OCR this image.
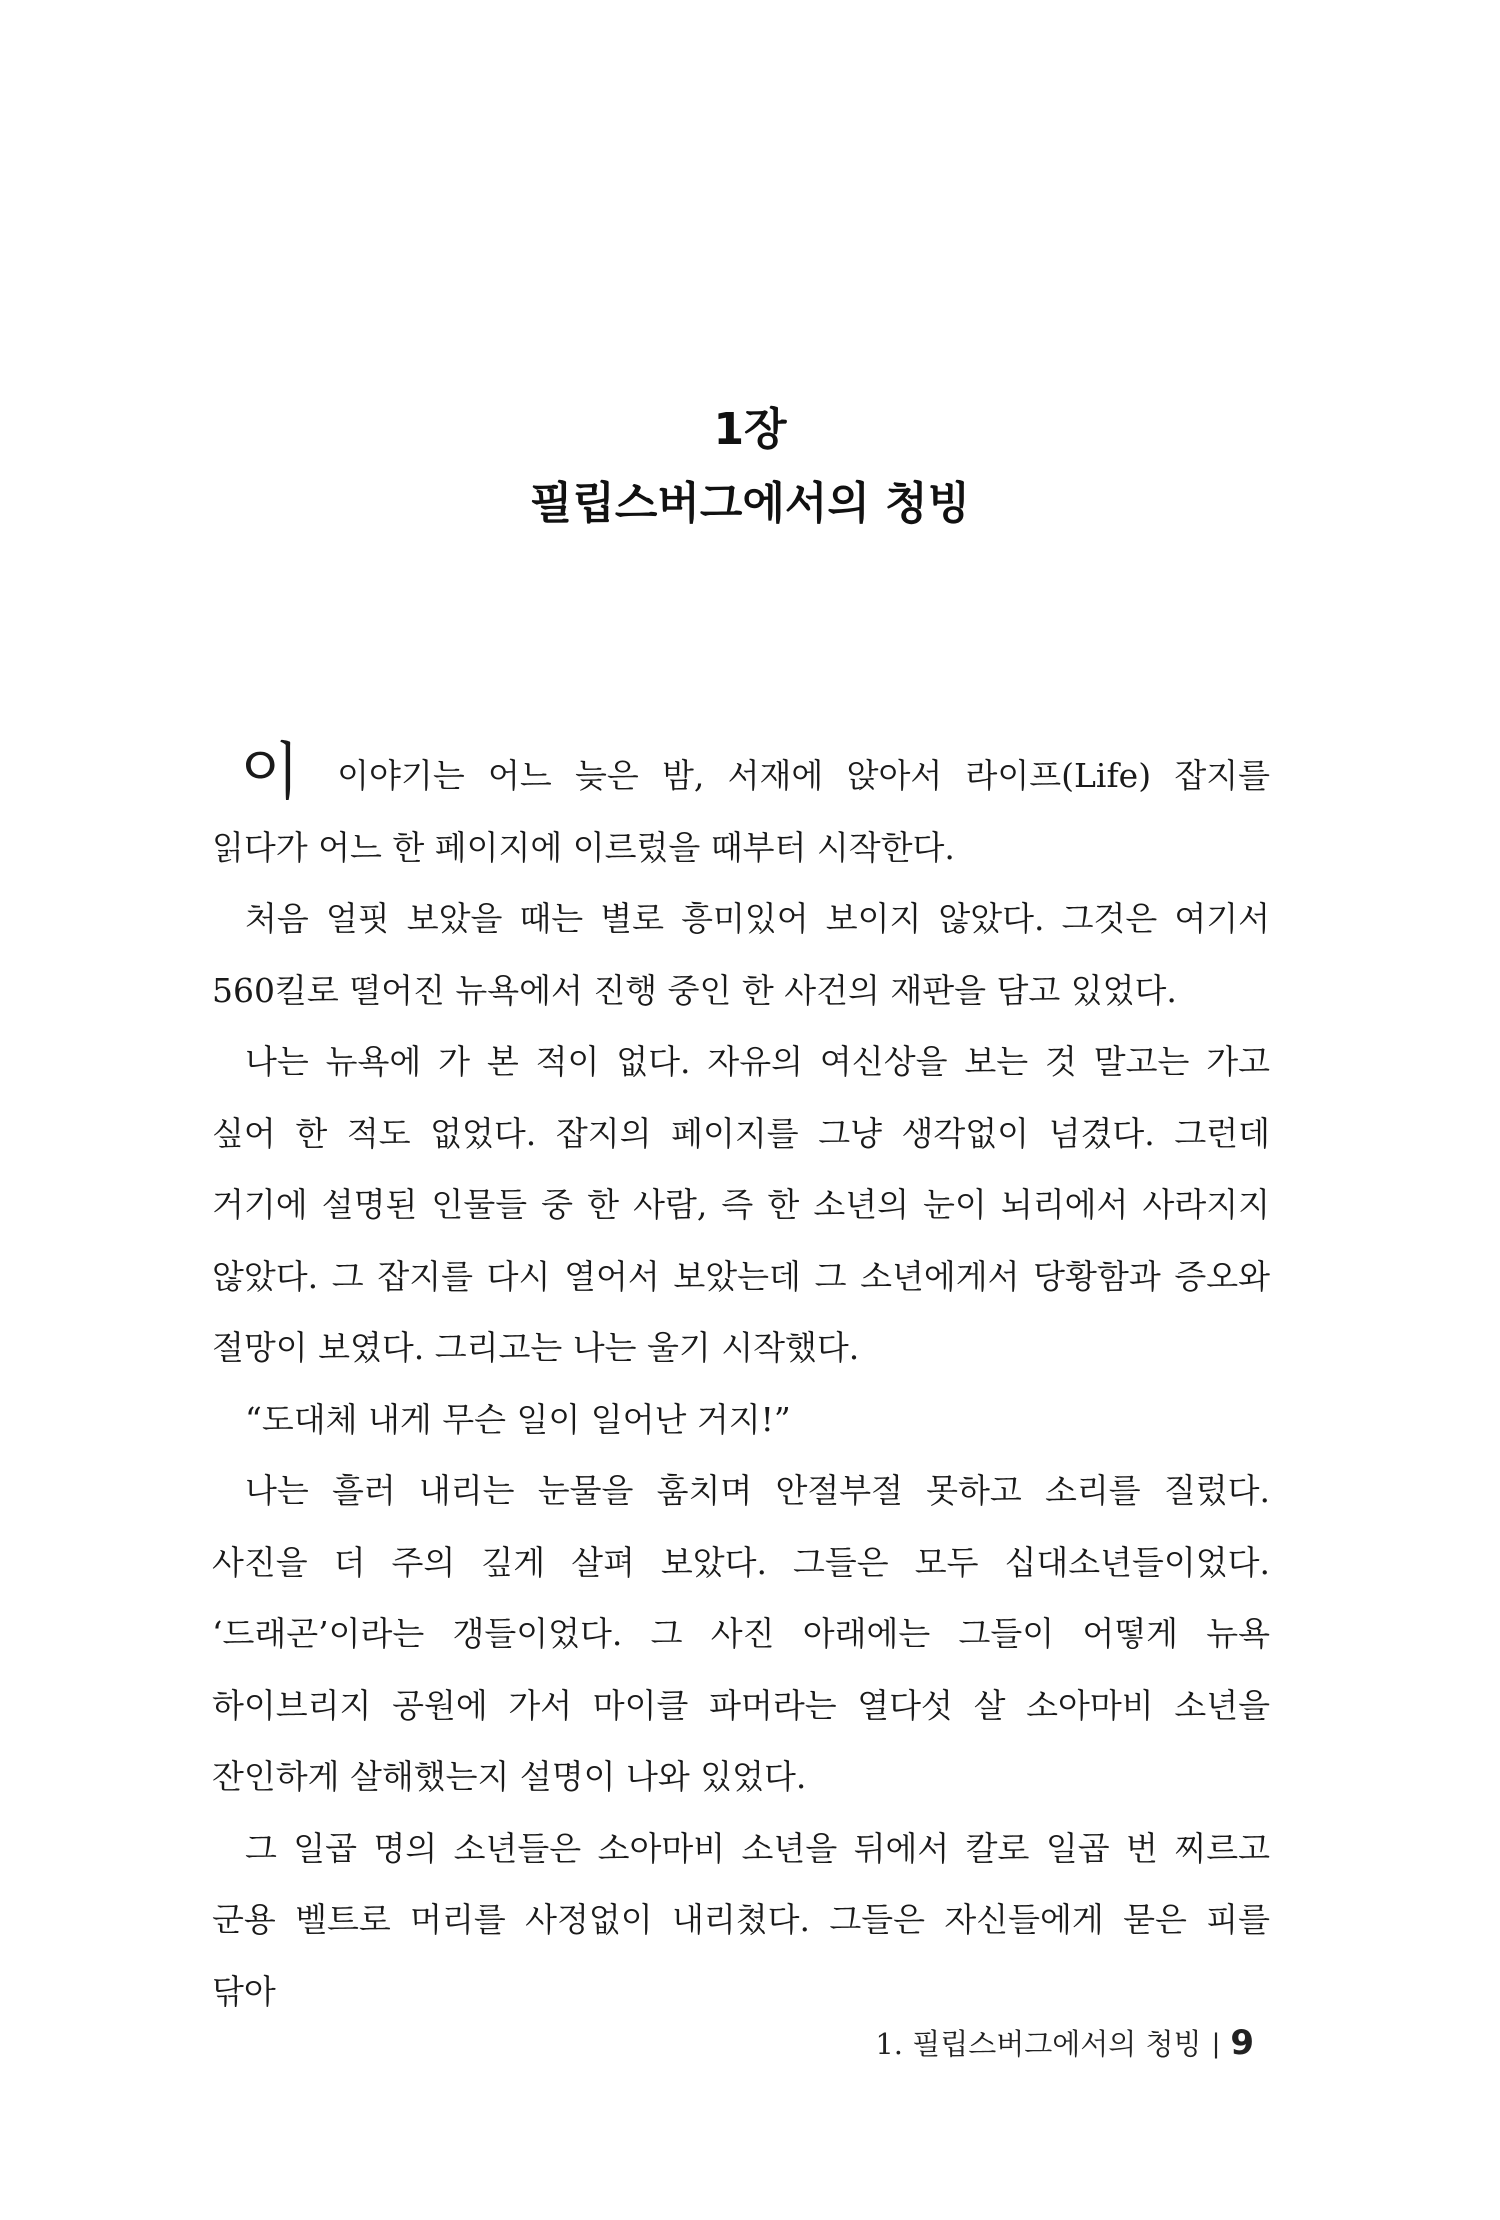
1장
필립스버그에서의 청빙

이 이야기는 어느 늦은 밤, 서재에 앉아서 라이프(Life) 잡지를 읽다가 어느 한 페이지에 이르렀을 때부터 시작한다.

처음 얼핏 보았을 때는 별로 흥미있어 보이지 않았다. 그것은 여기서 560킬로 떨어진 뉴욕에서 진행 중인 한 사건의 재판을 담고 있었다.

나는 뉴욕에 가 본 적이 없다. 자유의 여신상을 보는 것 말고는 가고 싶어 한 적도 없었다. 잡지의 페이지를 그냥 생각없이 넘겼다. 그런데 거기에 설명된 인물들 중 한 사람, 즉 한 소년의 눈이 뇌리에서 사라지지 않았다. 그 잡지를 다시 열어서 보았는데 그 소년에게서 당황함과 증오와 절망이 보였다. 그리고는 나는 울기 시작했다.

“도대체 내게 무슨 일이 일어난 거지!”

나는 흘러 내리는 눈물을 훔치며 안절부절 못하고 소리를 질렀다. 사진을 더 주의 깊게 살펴 보았다. 그들은 모두 십대소년들이었다. ‘드래곤’이라는 갱들이었다. 그 사진 아래에는 그들이 어떻게 뉴욕 하이브리지 공원에 가서 마이클 파머라는 열다섯 살 소아마비 소년을 잔인하게 살해했는지 설명이 나와 있었다.

그 일곱 명의 소년들은 소아마비 소년을 뒤에서 칼로 일곱 번 찌르고 군용 벨트로 머리를 사정없이 내리쳤다. 그들은 자신들에게 묻은 피를 닦아

1. 필립스버그에서의 청빙 | 9
